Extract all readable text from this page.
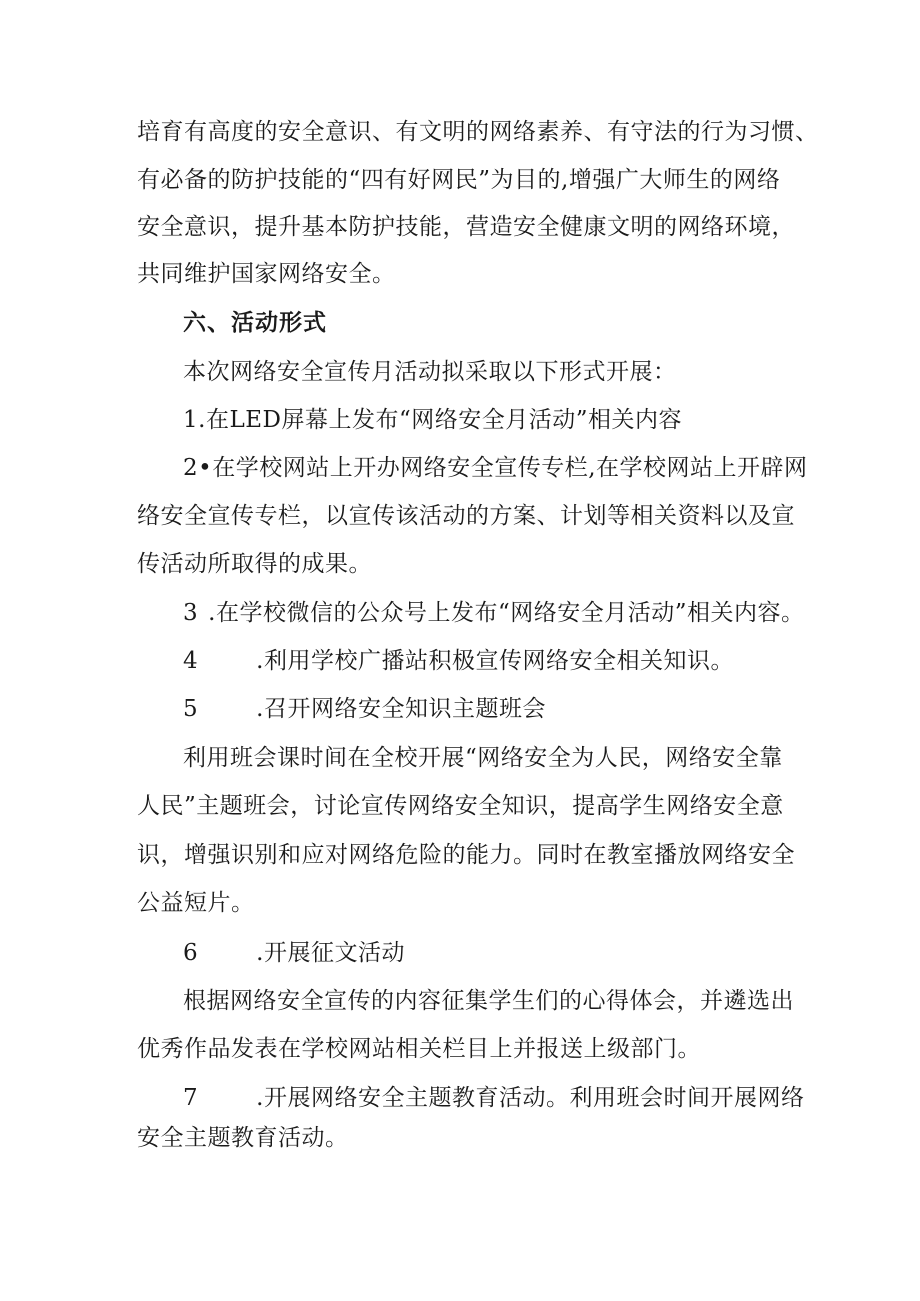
培育有高度的安全意识、有文明的网络素养、有守法的行为习惯、
有必备的防护技能的“四有好网民”为目的,增强广大师生的网络
安全意识，提升基本防护技能，营造安全健康文明的网络环境，
共同维护国家网络安全。
六、活动形式
本次网络安全宣传月活动拟采取以下形式开展：
1.在LED屏幕上发布“网络安全月活动”相关内容
2•在学校网站上开办网络安全宣传专栏,在学校网站上开辟网
络安全宣传专栏，以宣传该活动的方案、计划等相关资料以及宣
传活动所取得的成果。
3 .在学校微信的公众号上发布“网络安全月活动”相关内容。
4	.利用学校广播站积极宣传网络安全相关知识。
5	.召开网络安全知识主题班会
利用班会课时间在全校开展“网络安全为人民，网络安全靠
人民”主题班会，讨论宣传网络安全知识，提高学生网络安全意
识，增强识别和应对网络危险的能力。同时在教室播放网络安全
公益短片。
6	.开展征文活动
根据网络安全宣传的内容征集学生们的心得体会，并遴选出
优秀作品发表在学校网站相关栏目上并报送上级部门。
7	.开展网络安全主题教育活动。利用班会时间开展网络
安全主题教育活动。
